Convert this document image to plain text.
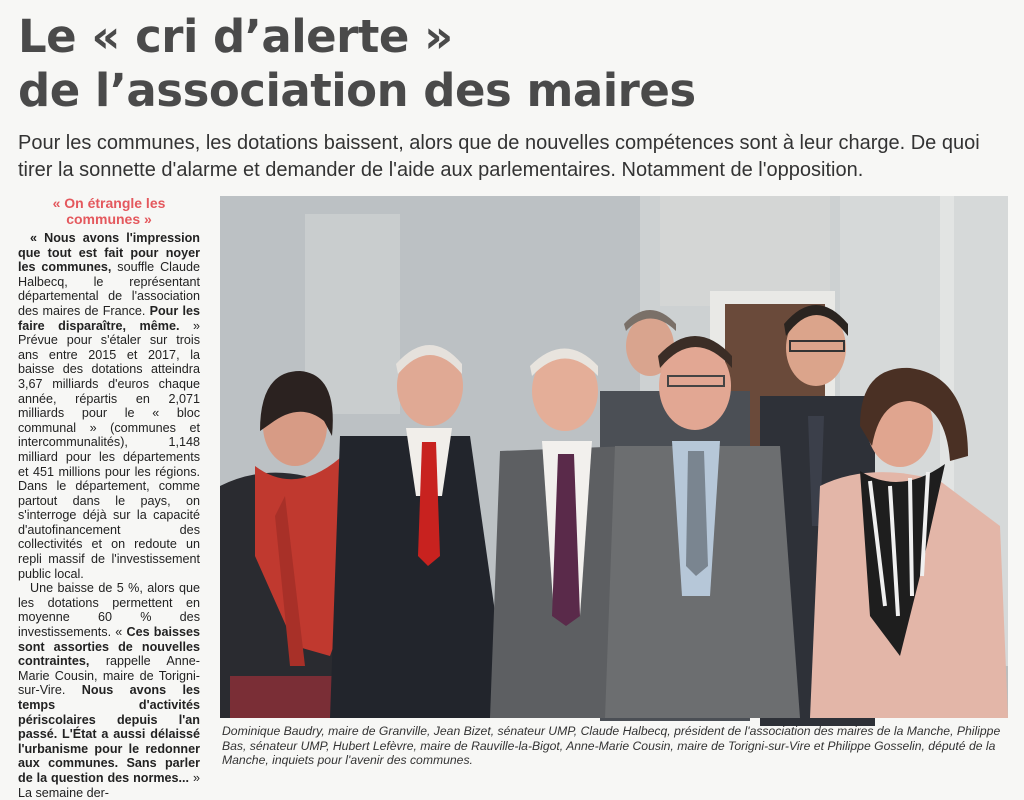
Le « cri d’alerte »
de l’association des maires
Pour les communes, les dotations baissent, alors que de nouvelles compétences sont à leur charge. De quoi tirer la sonnette d'alarme et demander de l'aide aux parlementaires. Notamment de l'opposition.
« On étrangle les communes »

« Nous avons l'impression que tout est fait pour noyer les communes, souffle Claude Halbecq, le représentant départemental de l'association des maires de France. Pour les faire disparaître, même. » Prévue pour s'étaler sur trois ans entre 2015 et 2017, la baisse des dotations atteindra 3,67 milliards d'euros chaque année, répartis en 2,071 milliards pour le « bloc communal » (communes et intercommunalités), 1,148 milliard pour les départements et 451 millions pour les régions. Dans le département, comme partout dans le pays, on s'interroge déjà sur la capacité d'autofinancement des collectivités et on redoute un repli massif de l'investissement public local.

Une baisse de 5 %, alors que les dotations permettent en moyenne 60 % des investissements. « Ces baisses sont assorties de nouvelles contraintes, rappelle Anne-Marie Cousin, maire de Torigni-sur-Vire. Nous avons les temps d'activités périscolaires depuis l'an passé. L'État a aussi délaissé l'urbanisme pour le redonner aux communes. Sans parler de la question des normes... » La semaine der-

Dominique Baudry, maire de Granville, Jean Bizet, sénateur UMP, Claude Halbecq, président de l'association des maires de la Manche, Philippe Bas, sénateur UMP, Hubert Lefèvre, maire de Rauville-la-Bigot, Anne-Marie Cousin, maire de Torigni-sur-Vire et Philippe Gosselin, député de la Manche, inquiets pour l'avenir des communes.
